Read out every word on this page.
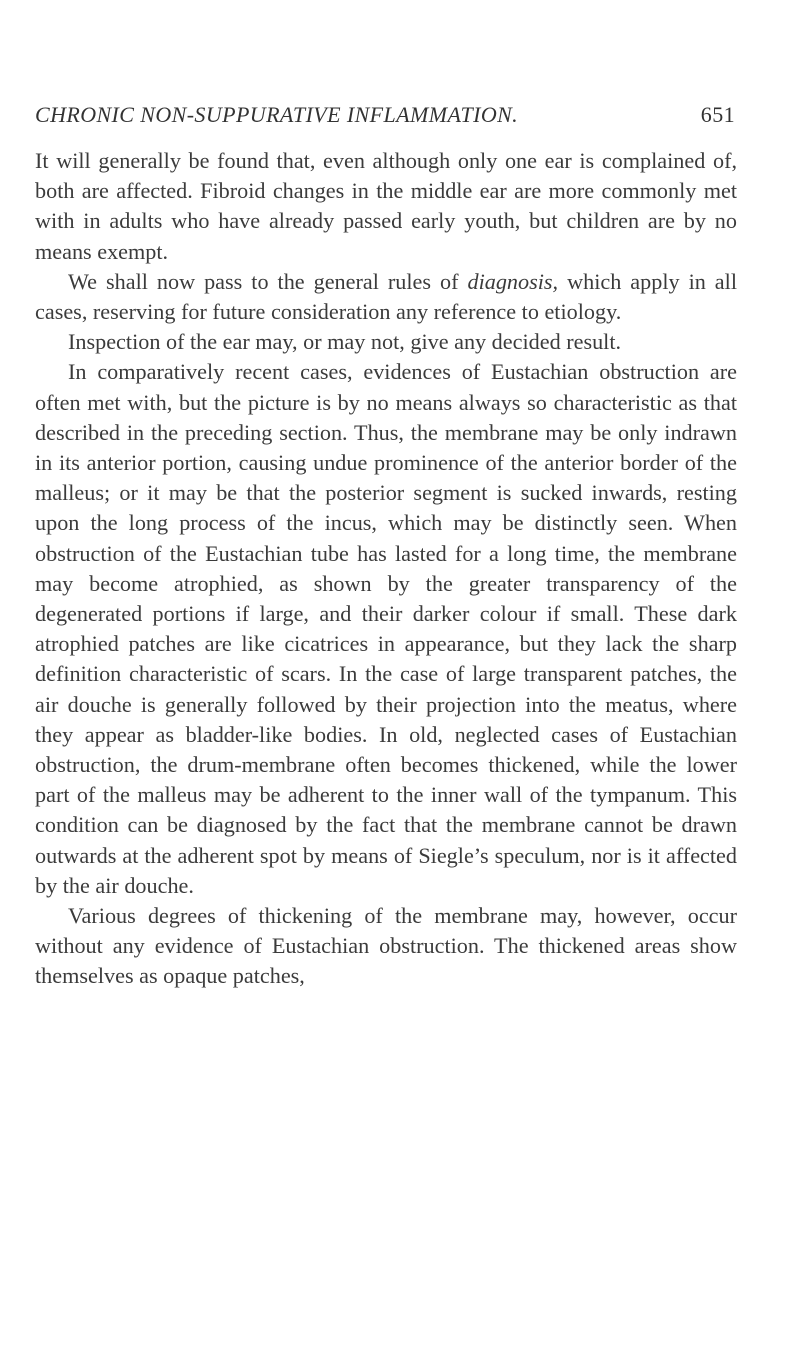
CHRONIC NON-SUPPURATIVE INFLAMMATION.	651

It will generally be found that, even although only one ear is complained of, both are affected. Fibroid changes in the middle ear are more commonly met with in adults who have already passed early youth, but children are by no means exempt.

We shall now pass to the general rules of diagnosis, which apply in all cases, reserving for future consideration any reference to etiology.

Inspection of the ear may, or may not, give any decided result.

In comparatively recent cases, evidences of Eustachian obstruction are often met with, but the picture is by no means always so characteristic as that described in the preceding section. Thus, the membrane may be only indrawn in its anterior portion, causing undue prominence of the anterior border of the malleus; or it may be that the posterior segment is sucked inwards, resting upon the long process of the incus, which may be distinctly seen. When obstruction of the Eustachian tube has lasted for a long time, the membrane may become atrophied, as shown by the greater transparency of the degenerated portions if large, and their darker colour if small. These dark atrophied patches are like cicatrices in appearance, but they lack the sharp definition characteristic of scars. In the case of large transparent patches, the air douche is generally followed by their projection into the meatus, where they appear as bladder-like bodies. In old, neglected cases of Eustachian obstruction, the drum-membrane often becomes thickened, while the lower part of the malleus may be adherent to the inner wall of the tympanum. This condition can be diagnosed by the fact that the membrane cannot be drawn outwards at the adherent spot by means of Siegle’s speculum, nor is it affected by the air douche.

Various degrees of thickening of the membrane may, however, occur without any evidence of Eustachian obstruction. The thickened areas show themselves as opaque patches,
